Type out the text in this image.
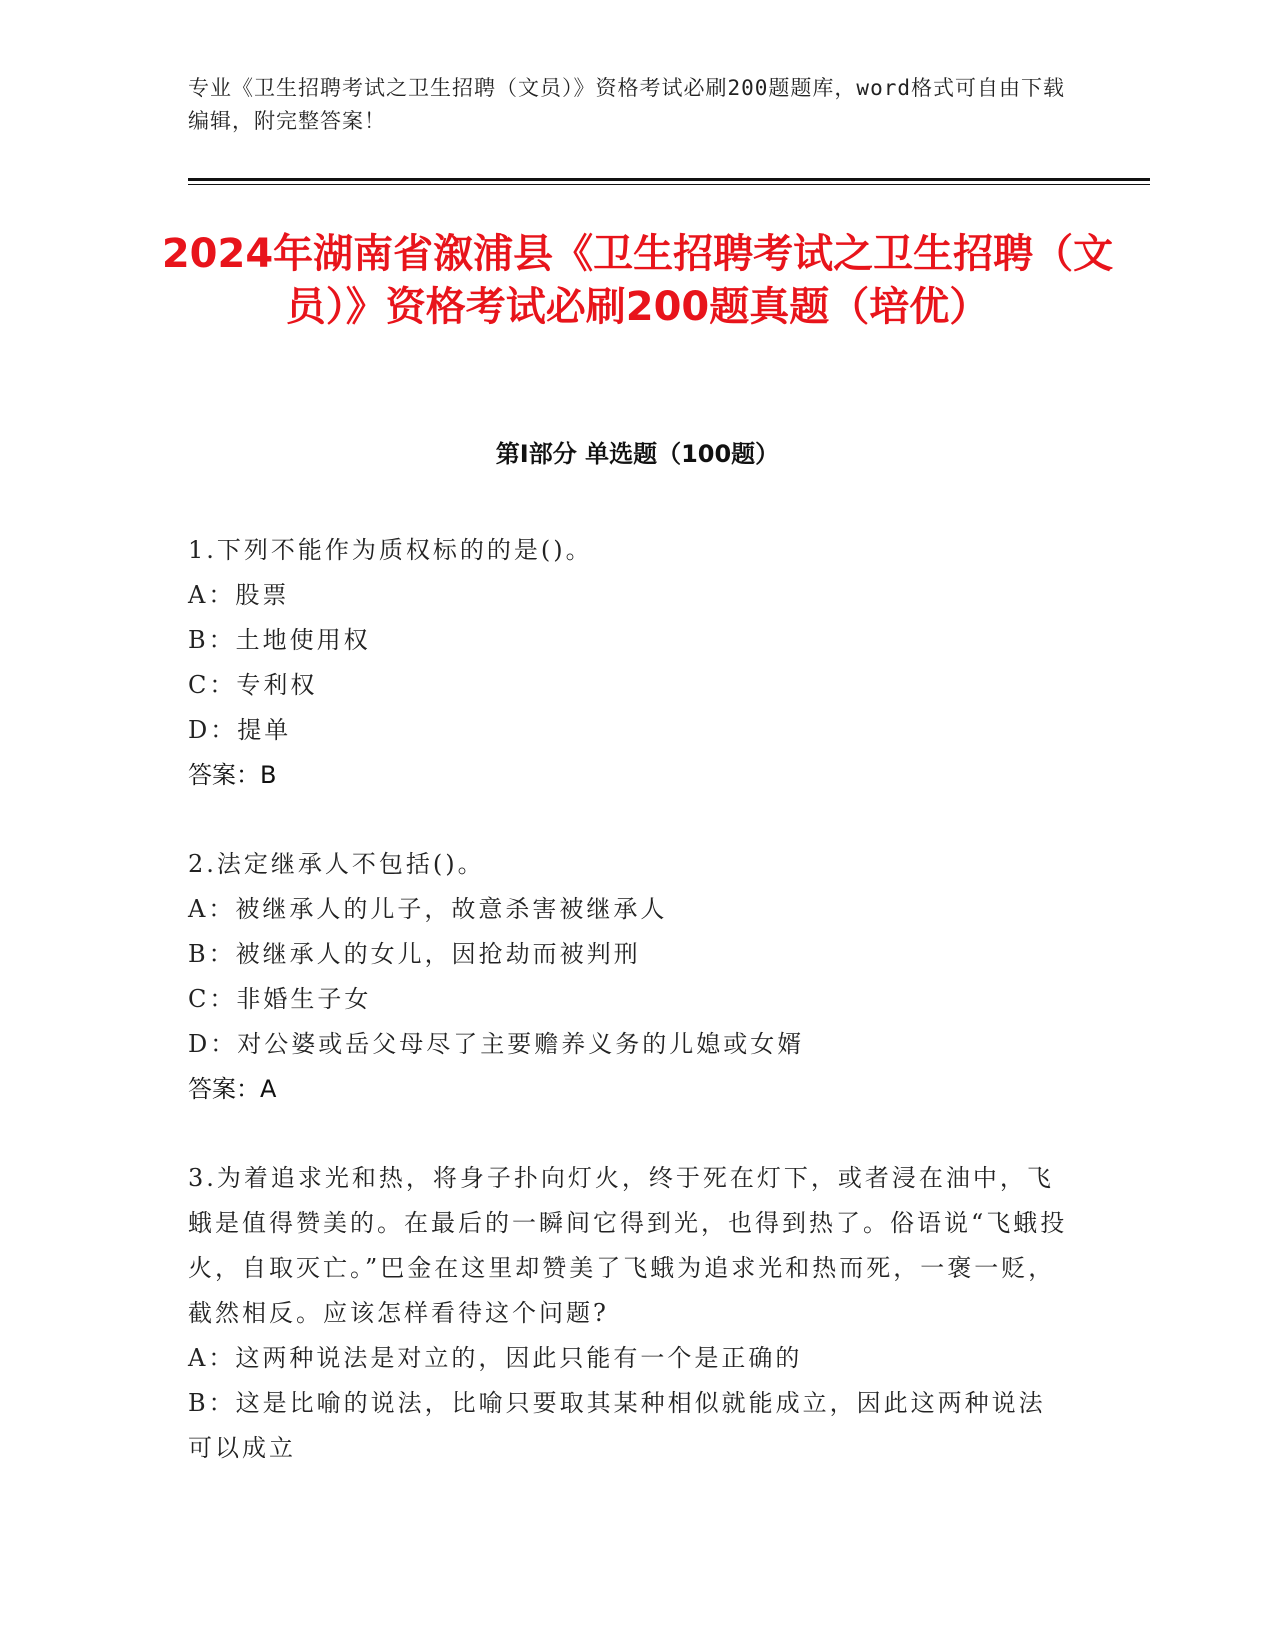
专业《卫生招聘考试之卫生招聘（文员）》资格考试必刷200题题库，word格式可自由下载编辑，附完整答案！
2024年湖南省溆浦县《卫生招聘考试之卫生招聘（文员）》资格考试必刷200题真题（培优）
第I部分 单选题（100题）
1.下列不能作为质权标的的是()。
A：股票
B：土地使用权
C：专利权
D：提单
答案：B
2.法定继承人不包括()。
A：被继承人的儿子，故意杀害被继承人
B：被继承人的女儿，因抢劫而被判刑
C：非婚生子女
D：对公婆或岳父母尽了主要赡养义务的儿媳或女婿
答案：A
3.为着追求光和热，将身子扑向灯火，终于死在灯下，或者浸在油中，飞蛾是值得赞美的。在最后的一瞬间它得到光，也得到热了。俗语说“飞蛾投火，自取灭亡。”巴金在这里却赞美了飞蛾为追求光和热而死，一褒一贬，截然相反。应该怎样看待这个问题?
A：这两种说法是对立的，因此只能有一个是正确的
B：这是比喻的说法，比喻只要取其某种相似就能成立，因此这两种说法可以成立
